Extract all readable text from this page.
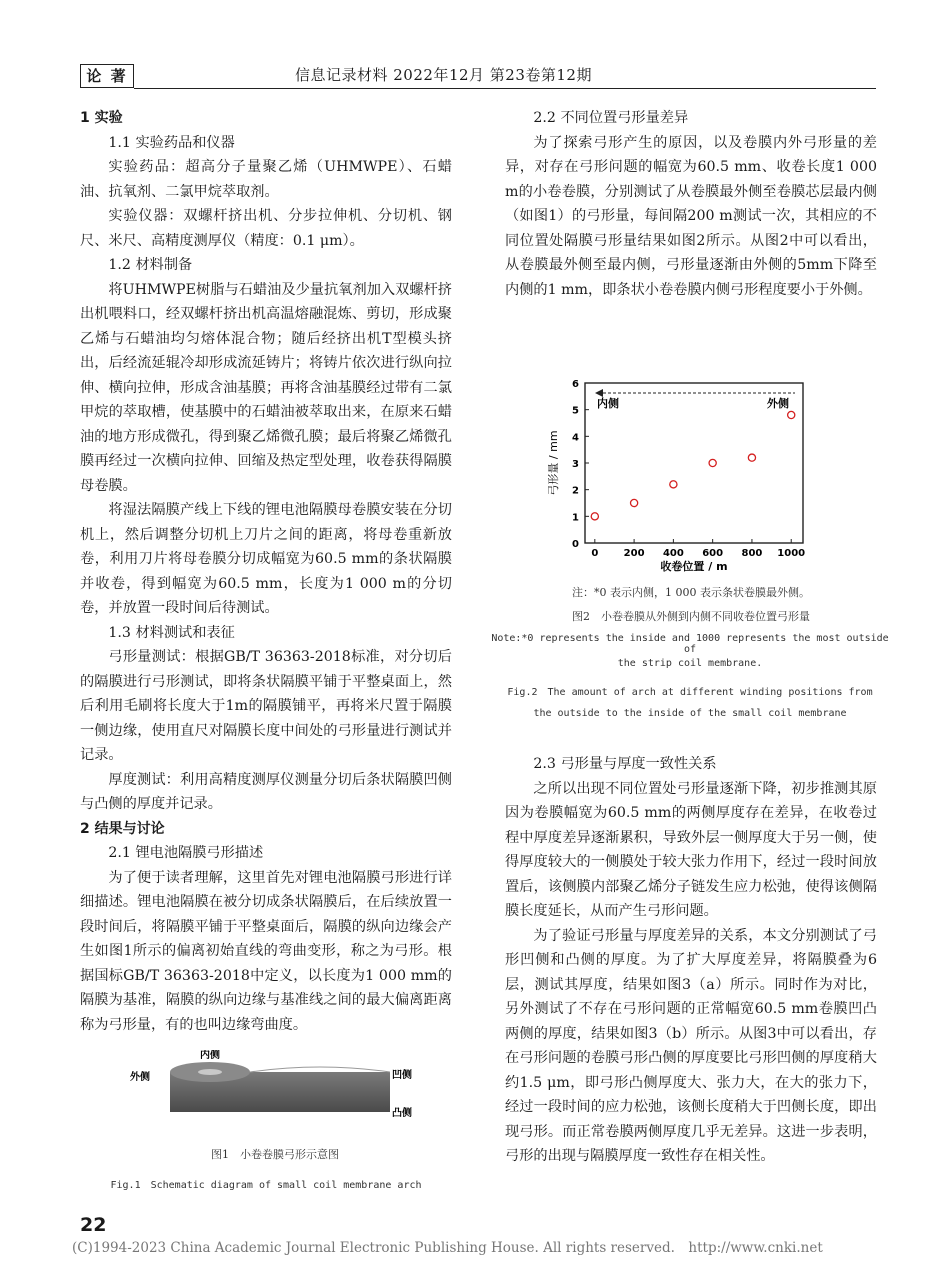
论 著	信息记录材料 2022年12月 第23卷第12期

1 实验

1.1 实验药品和仪器

实验药品：超高分子量聚乙烯（UHMWPE）、石蜡油、抗氧剂、二氯甲烷萃取剂。

实验仪器：双螺杆挤出机、分步拉伸机、分切机、钢尺、米尺、高精度测厚仪（精度：0.1 μm）。

1.2 材料制备

将UHMWPE树脂与石蜡油及少量抗氧剂加入双螺杆挤出机喂料口，经双螺杆挤出机高温熔融混炼、剪切，形成聚乙烯与石蜡油均匀熔体混合物；随后经挤出机T型模头挤出，后经流延辊冷却形成流延铸片；将铸片依次进行纵向拉伸、横向拉伸，形成含油基膜；再将含油基膜经过带有二氯甲烷的萃取槽，使基膜中的石蜡油被萃取出来，在原来石蜡油的地方形成微孔，得到聚乙烯微孔膜；最后将聚乙烯微孔膜再经过一次横向拉伸、回缩及热定型处理，收卷获得隔膜母卷膜。

将湿法隔膜产线上下线的锂电池隔膜母卷膜安装在分切机上，然后调整分切机上刀片之间的距离，将母卷重新放卷，利用刀片将母卷膜分切成幅宽为60.5 mm的条状隔膜并收卷，得到幅宽为60.5 mm，长度为1 000 m的分切卷，并放置一段时间后待测试。

1.3 材料测试和表征

弓形量测试：根据GB/T 36363-2018标准，对分切后的隔膜进行弓形测试，即将条状隔膜平铺于平整桌面上，然后利用毛刷将长度大于1m的隔膜铺平，再将米尺置于隔膜一侧边缘，使用直尺对隔膜长度中间处的弓形量进行测试并记录。

厚度测试：利用高精度测厚仪测量分切后条状隔膜凹侧与凸侧的厚度并记录。

2 结果与讨论

2.1 锂电池隔膜弓形描述

为了便于读者理解，这里首先对锂电池隔膜弓形进行详细描述。锂电池隔膜在被分切成条状隔膜后，在后续放置一段时间后，将隔膜平铺于平整桌面后，隔膜的纵向边缘会产生如图1所示的偏离初始直线的弯曲变形，称之为弓形。根据国标GB/T 36363-2018中定义，以长度为1 000 mm的隔膜为基准，隔膜的纵向边缘与基准线之间的最大偏离距离称为弓形量，有的也叫边缘弯曲度。

内侧
外侧	凹侧
凸侧
图1　小卷卷膜弓形示意图
Fig.1　Schematic diagram of small coil membrane arch

2.2 不同位置弓形量差异

为了探索弓形产生的原因，以及卷膜内外弓形量的差异，对存在弓形问题的幅宽为60.5 mm、收卷长度1 000 m的小卷卷膜，分别测试了从卷膜最外侧至卷膜芯层最内侧（如图1）的弓形量，每间隔200 m测试一次，其相应的不同位置处隔膜弓形量结果如图2所示。从图2中可以看出，从卷膜最外侧至最内侧，弓形量逐渐由外侧的5mm下降至内侧的1 mm，即条状小卷卷膜内侧弓形程度要小于外侧。

0
1
2
3
4
5
6
0	200 400 600 800 1000
内侧	外侧
收卷位置 / m
弓形量 / mm
注：*0 表示内侧，1 000 表示条状卷膜最外侧。
图2　小卷卷膜从外侧到内侧不同收卷位置弓形量
Note:*0 represents the inside and 1000 represents the most outside of
the strip coil membrane.
Fig.2　The amount of arch at different winding positions from
the outside to the inside of the small coil membrane

2.3 弓形量与厚度一致性关系

之所以出现不同位置处弓形量逐渐下降，初步推测其原因为卷膜幅宽为60.5 mm的两侧厚度存在差异，在收卷过程中厚度差异逐渐累积，导致外层一侧厚度大于另一侧，使得厚度较大的一侧膜处于较大张力作用下，经过一段时间放置后，该侧膜内部聚乙烯分子链发生应力松弛，使得该侧隔膜长度延长，从而产生弓形问题。

为了验证弓形量与厚度差异的关系，本文分别测试了弓形凹侧和凸侧的厚度。为了扩大厚度差异，将隔膜叠为6层，测试其厚度，结果如图3（a）所示。同时作为对比，另外测试了不存在弓形问题的正常幅宽60.5 mm卷膜凹凸两侧的厚度，结果如图3（b）所示。从图3中可以看出，存在弓形问题的卷膜弓形凸侧的厚度要比弓形凹侧的厚度稍大约1.5 μm，即弓形凸侧厚度大、张力大，在大的张力下，经过一段时间的应力松弛，该侧长度稍大于凹侧长度，即出现弓形。而正常卷膜两侧厚度几乎无差异。这进一步表明，弓形的出现与隔膜厚度一致性存在相关性。

22
(C)1994-2023 China Academic Journal Electronic Publishing House. All rights reserved.　http://www.cnki.net
